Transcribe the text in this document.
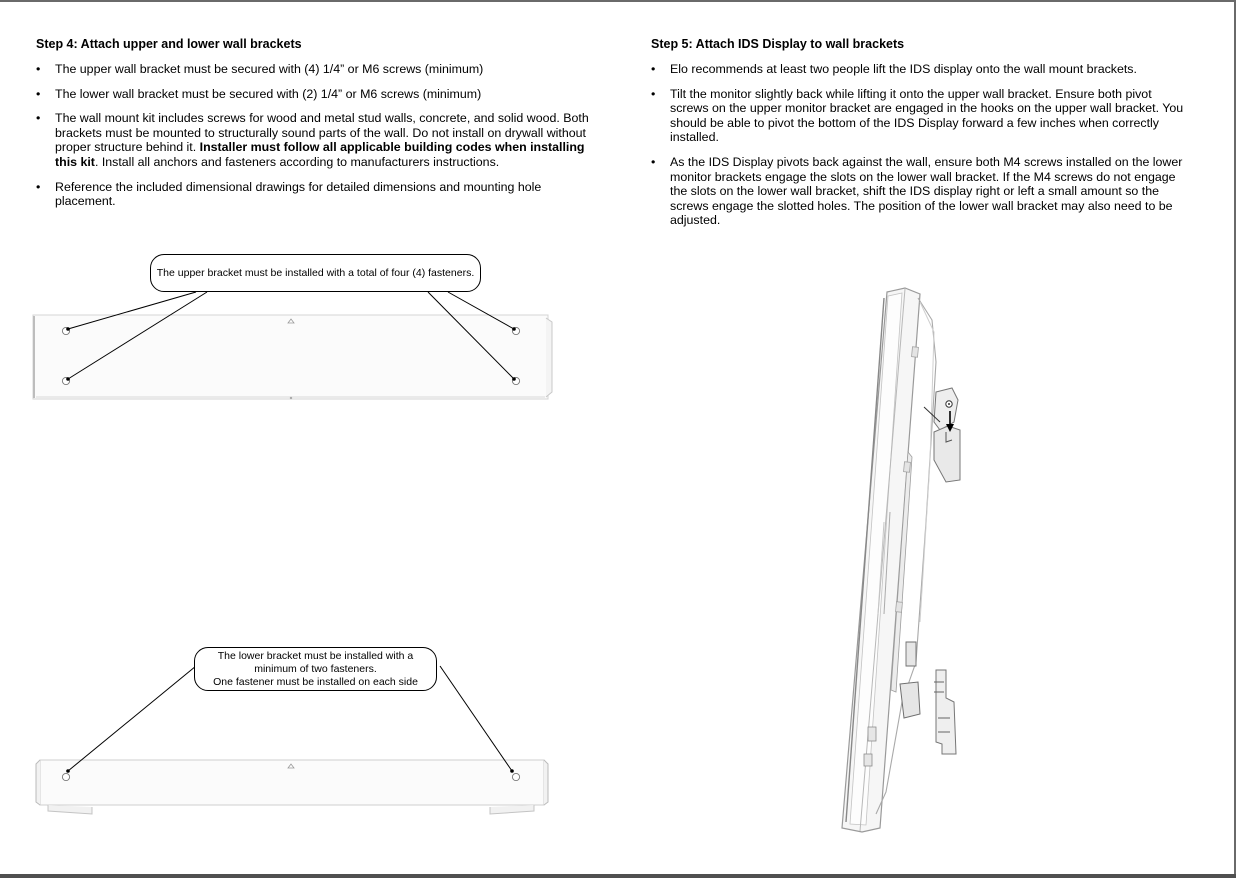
Step 4: Attach upper and lower wall brackets
• The upper wall bracket must be secured with (4) 1/4” or M6 screws (minimum)
• The lower wall bracket must be secured with (2) 1/4” or M6 screws (minimum)
• The wall mount kit includes screws for wood and metal stud walls, concrete, and solid wood. Both brackets must be mounted to structurally sound parts of the wall. Do not install on drywall without proper structure behind it. Installer must follow all applicable building codes when installing this kit. Install all anchors and fasteners according to manufacturers instructions.
• Reference the included dimensional drawings for detailed dimensions and mounting hole placement.
The upper bracket must be installed with a total of four (4) fasteners.
The lower bracket must be installed with a
minimum of two fasteners.
One fastener must be installed on each side
Step 5: Attach IDS Display to wall brackets
• Elo recommends at least two people lift the IDS display onto the wall mount brackets.
• Tilt the monitor slightly back while lifting it onto the upper wall bracket. Ensure both pivot screws on the upper monitor bracket are engaged in the hooks on the upper wall bracket. You should be able to pivot the bottom of the IDS Display forward a few inches when correctly installed.
• As the IDS Display pivots back against the wall, ensure both M4 screws installed on the lower monitor brackets engage the slots on the lower wall bracket. If the M4 screws do not engage the slots on the lower wall bracket, shift the IDS display right or left a small amount so the screws engage the slotted holes. The position of the lower wall bracket may also need to be adjusted.
